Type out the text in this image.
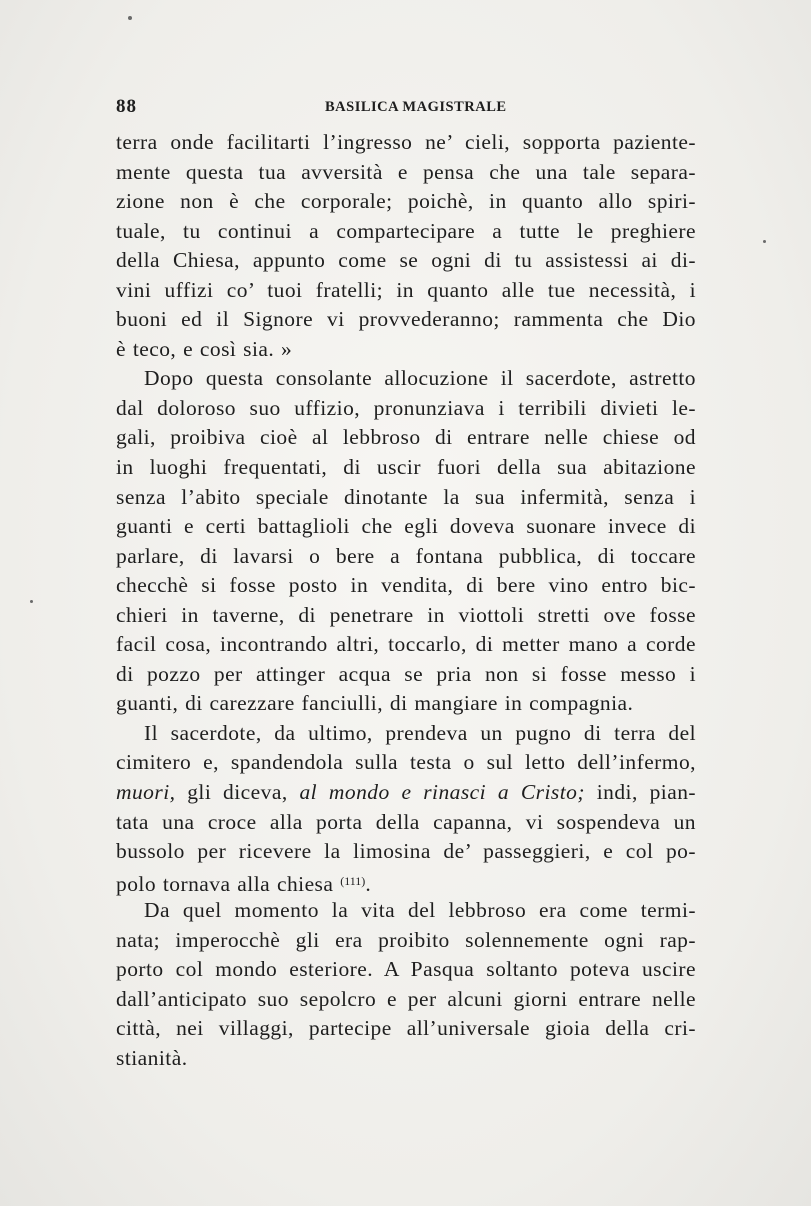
88	BASILICA MAGISTRALE
terra onde facilitarti l’ingresso ne’ cieli, sopporta paziente-
mente questa tua avversità e pensa che una tale separa-
zione non è che corporale; poichè, in quanto allo spiri-
tuale, tu continui a compartecipare a tutte le preghiere
della Chiesa, appunto come se ogni di tu assistessi ai di-
vini uffizi co’ tuoi fratelli; in quanto alle tue necessità, i
buoni ed il Signore vi provvederanno; rammenta che Dio
è teco, e così sia. »
Dopo questa consolante allocuzione il sacerdote, astretto
dal doloroso suo uffizio, pronunziava i terribili divieti le-
gali, proibiva cioè al lebbroso di entrare nelle chiese od
in luoghi frequentati, di uscir fuori della sua abitazione
senza l’abito speciale dinotante la sua infermità, senza i
guanti e certi battaglioli che egli doveva suonare invece di
parlare, di lavarsi o bere a fontana pubblica, di toccare
checchè si fosse posto in vendita, di bere vino entro bic-
chieri in taverne, di penetrare in viottoli stretti ove fosse
facil cosa, incontrando altri, toccarlo, di metter mano a corde
di pozzo per attinger acqua se pria non si fosse messo i
guanti, di carezzare fanciulli, di mangiare in compagnia.
Il sacerdote, da ultimo, prendeva un pugno di terra del
cimitero e, spandendola sulla testa o sul letto dell’infermo,
muori, gli diceva, al mondo e rinasci a Cristo; indi, pian-
tata una croce alla porta della capanna, vi sospendeva un
bussolo per ricevere la limosina de’ passeggieri, e col po-
polo tornava alla chiesa $^{(111)}$.
Da quel momento la vita del lebbroso era come termi-
nata; imperocchè gli era proibito solennemente ogni rap-
porto col mondo esteriore. A Pasqua soltanto poteva uscire
dall’anticipato suo sepolcro e per alcuni giorni entrare nelle
città, nei villaggi, partecipe all’universale gioia della cri-
stianità.
